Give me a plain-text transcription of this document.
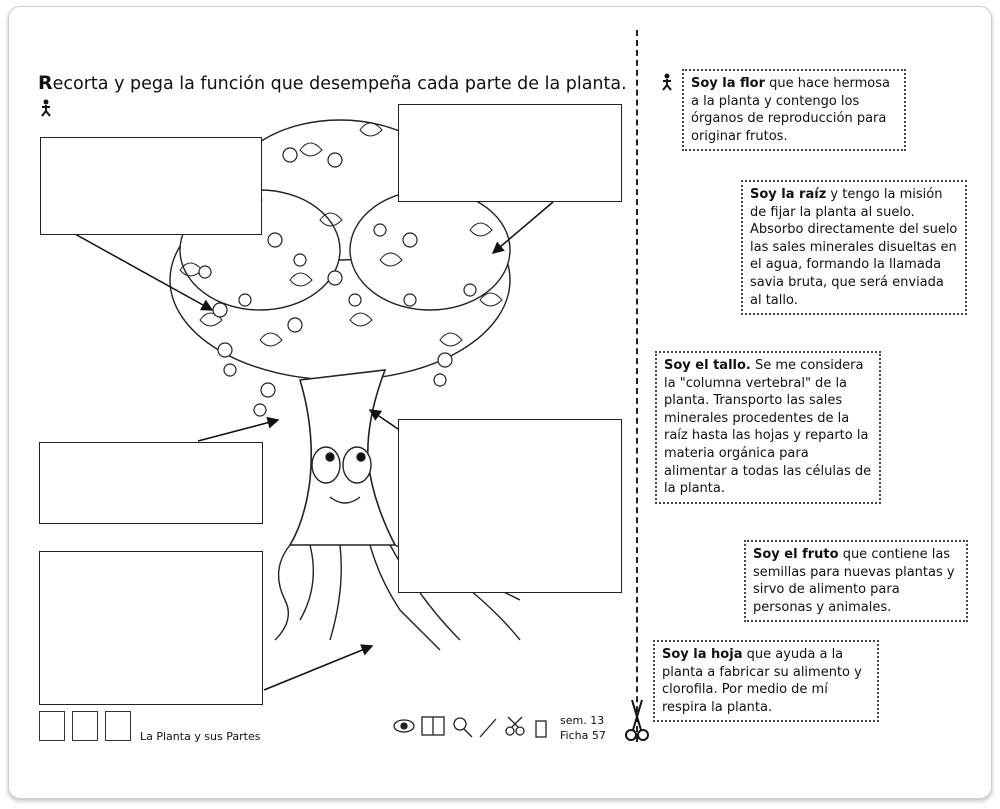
Recorta y pega la función que desempeña cada parte de la planta.	Soy la flor que hace hermosa a la planta y contengo los órganos de reproducción para originar frutos.
Soy la raíz y tengo la misión de fijar la planta al suelo. Absorbo directamente del suelo las sales minerales disueltas en el agua, formando la llamada savia bruta, que será enviada al tallo.
Soy el tallo. Se me considera la "columna vertebral" de la planta. Transporto las sales minerales procedentes de la raíz hasta las hojas y reparto la materia orgánica para alimentar a todas las células de la planta.
Soy el fruto que contiene las semillas para nuevas plantas y sirvo de alimento para personas y animales.
Soy la hoja que ayuda a la planta a fabricar su alimento y clorofila. Por medio de mí respira la planta.
La Planta y sus Partes
sem. 13
Ficha 57
